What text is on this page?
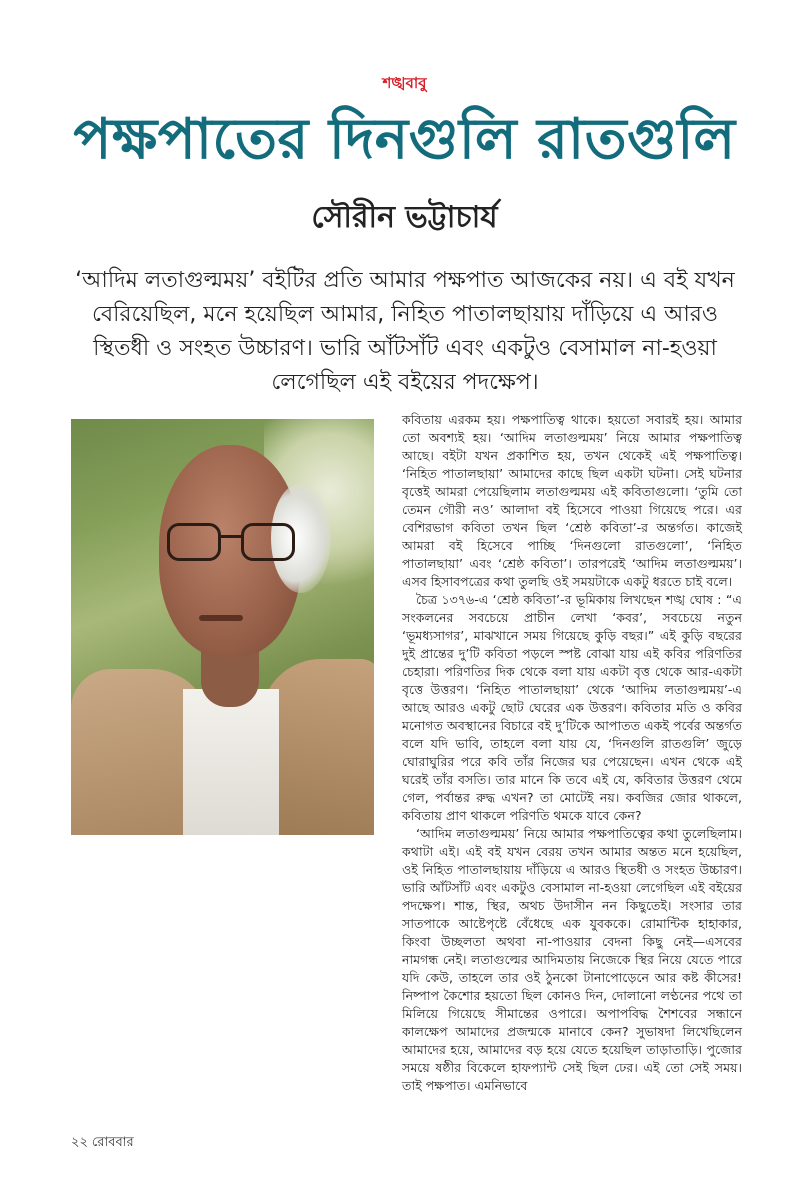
শঙ্খবাবু
পক্ষপাতের দিনগুলি রাতগুলি
সৌরীন ভট্টাচার্য
‘আদিম লতাগুল্মময়’ বইটির প্রতি আমার পক্ষপাত আজকের নয়। এ বই যখন বেরিয়েছিল, মনে হয়েছিল আমার, নিহিত পাতালছায়ায় দাঁড়িয়ে এ আরও স্থিতধী ও সংহত উচ্চারণ। ভারি আঁটসাঁট এবং একটুও বেসামাল না-হওয়া লেগেছিল এই বইয়ের পদক্ষেপ।

কবিতায় এরকম হয়। পক্ষপাতিত্ব থাকে। হয়তো সবারই হয়। আমার তো অবশ্যই হয়। ‘আদিম লতাগুল্মময়’ নিয়ে আমার পক্ষপাতিত্ব আছে। বইটা যখন প্রকাশিত হয়, তখন থেকেই এই পক্ষপাতিত্ব। ‘নিহিত পাতালছায়া’ আমাদের কাছে ছিল একটা ঘটনা। সেই ঘটনার বৃত্তেই আমরা পেয়েছিলাম লতাগুল্মময় এই কবিতাগুলো। ‘তুমি তো তেমন গৌরী নও’ আলাদা বই হিসেবে পাওয়া গিয়েছে পরে। এর বেশিরভাগ কবিতা তখন ছিল ‘শ্রেষ্ঠ কবিতা’-র অন্তর্গত। কাজেই আমরা বই হিসেবে পাচ্ছি ‘দিনগুলো রাতগুলো’, ‘নিহিত পাতালছায়া’ এবং ‘শ্রেষ্ঠ কবিতা’। তারপরেই ‘আদিম লতাগুল্মময়’। এসব হিসাবপত্রের কথা তুলছি ওই সময়টাকে একটু ধরতে চাই বলে।

চৈত্র ১৩৭৬-এ ‘শ্রেষ্ঠ কবিতা’-র ভূমিকায় লিখছেন শঙ্খ ঘোষ : “এ সংকলনের সবচেয়ে প্রাচীন লেখা ‘কবর’, সবচেয়ে নতুন ‘ভূমধ্যসাগর’, মাঝখানে সময় গিয়েছে কুড়ি বছর।” এই কুড়ি বছরের দুই প্রান্তের দু’টি কবিতা পড়লে স্পষ্ট বোঝা যায় এই কবির পরিণতির চেহারা। পরিণতির দিক থেকে বলা যায় একটা বৃত্ত থেকে আর-একটা বৃত্তে উত্তরণ। ‘নিহিত পাতালছায়া’ থেকে ‘আদিম লতাগুল্মময়’-এ আছে আরও একটু ছোট ঘেরের এক উত্তরণ। কবিতার মতি ও কবির মনোগত অবস্থানের বিচারে বই দু’টিকে আপাতত একই পর্বের অন্তর্গত বলে যদি ভাবি, তাহলে বলা যায় যে, ‘দিনগুলি রাতগুলি’ জুড়ে ঘোরাঘুরির পরে কবি তাঁর নিজের ঘর পেয়েছেন। এখন থেকে এই ঘরেই তাঁর বসতি। তার মানে কি তবে এই যে, কবিতার উত্তরণ থেমে গেল, পর্বান্তর রুদ্ধ এখন? তা মোটেই নয়। কবজির জোর থাকলে, কবিতায় প্রাণ থাকলে পরিণতি থমকে যাবে কেন?

‘আদিম লতাগুল্মময়’ নিয়ে আমার পক্ষপাতিত্বের কথা তুলেছিলাম। কথাটা এই। এই বই যখন বেরয় তখন আমার অন্তত মনে হয়েছিল, ওই নিহিত পাতালছায়ায় দাঁড়িয়ে এ আরও স্থিতধী ও সংহত উচ্চারণ। ভারি আঁটসাঁট এবং একটুও বেসামাল না-হওয়া লেগেছিল এই বইয়ের পদক্ষেপ। শান্ত, স্থির, অথচ উদাসীন নন কিছুতেই। সংসার তার সাতপাকে আষ্টেপৃষ্টে বেঁধেছে এক যুবককে। রোমান্টিক হাহাকার, কিংবা উচ্ছলতা অথবা না-পাওয়ার বেদনা কিছু নেই—এসবের নামগন্ধ নেই। লতাগুল্মের আদিমতায় নিজেকে স্থির নিয়ে যেতে পারে যদি কেউ, তাহলে তার ওই ঠুনকো টানাপোড়েনে আর কষ্ট কীসের! নিষ্পাপ কৈশোর হয়তো ছিল কোনও দিন, দোলানো লণ্ঠনের পথে তা মিলিয়ে গিয়েছে সীমান্তের ওপারে। অপাপবিদ্ধ শৈশবের সন্ধানে কালক্ষেপ আমাদের প্রজন্মকে মানাবে কেন? সুভাষদা লিখেছিলেন আমাদের হয়ে, আমাদের বড় হয়ে যেতে হয়েছিল তাড়াতাড়ি। পুজোর সময়ে ষষ্ঠীর বিকেলে হাফপ্যান্ট সেই ছিল ঢের। এই তো সেই সময়। তাই পক্ষপাত। এমনিভাবে

২২ রোববার
